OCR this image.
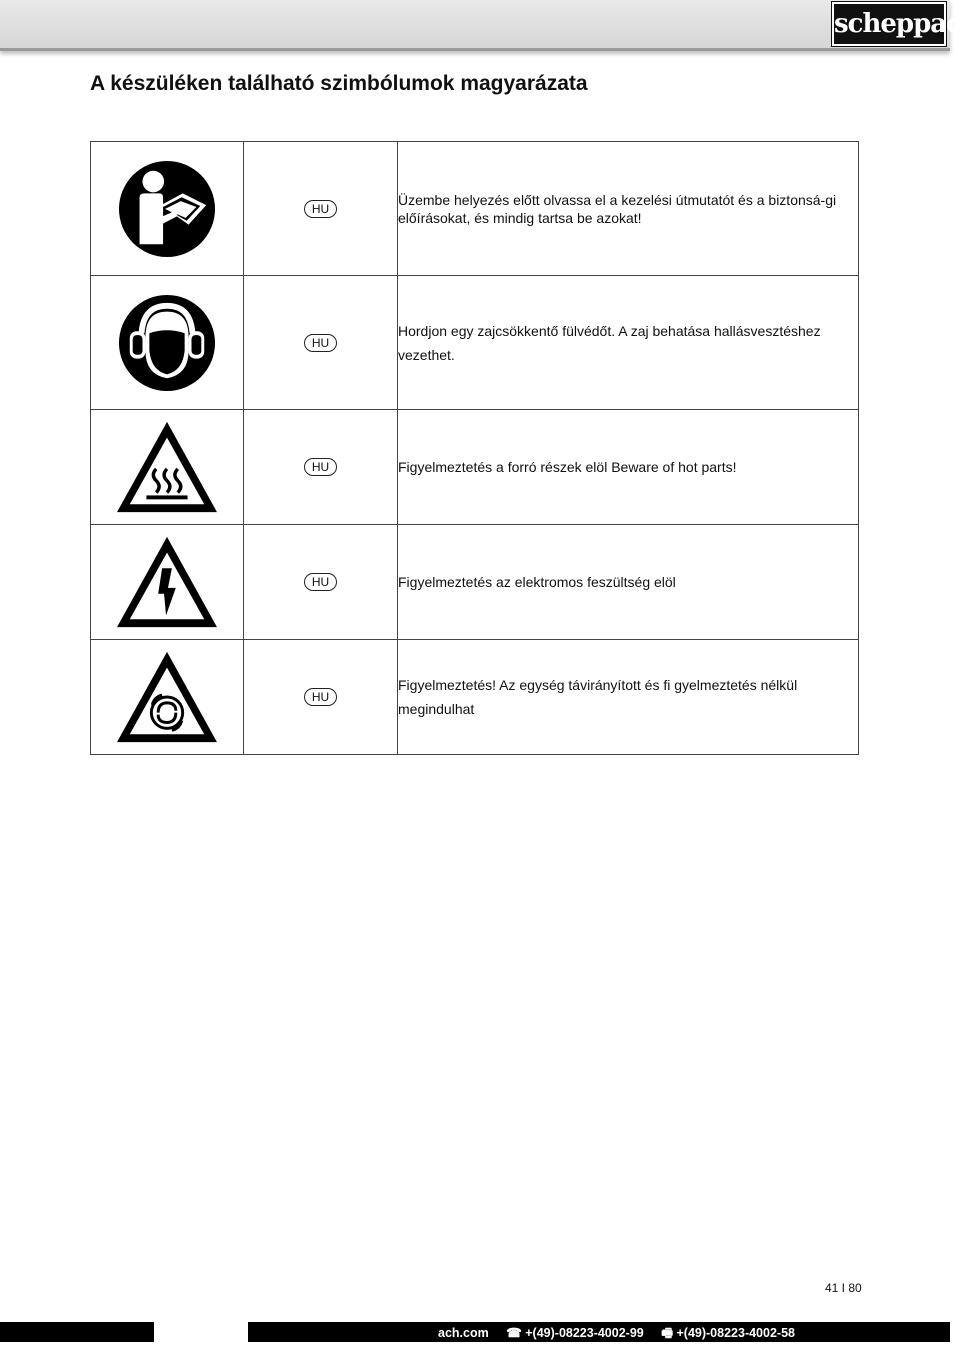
scheppach
A készüléken található szimbólumok magyarázata
	HU	Üzembe helyezés előtt olvassa el a kezelési útmutatót és a biztonsá-gi előírásokat, és mindig tartsa be azokat!

	HU	Hordjon egy zajcsökkentő fülvédőt. A zaj behatása hallásvesztéshez vezethet.

	HU	Figyelmeztetés a forró részek elöl Beware of hot parts!

	HU	Figyelmeztetés az elektromos feszültség elöl

	HU	Figyelmeztetés! Az egység távirányított és fi gyelmeztetés nélkül megindulhat
41 I 80
ach.com ☎ +(49)-08223-4002-99 🖷 +(49)-08223-4002-58
